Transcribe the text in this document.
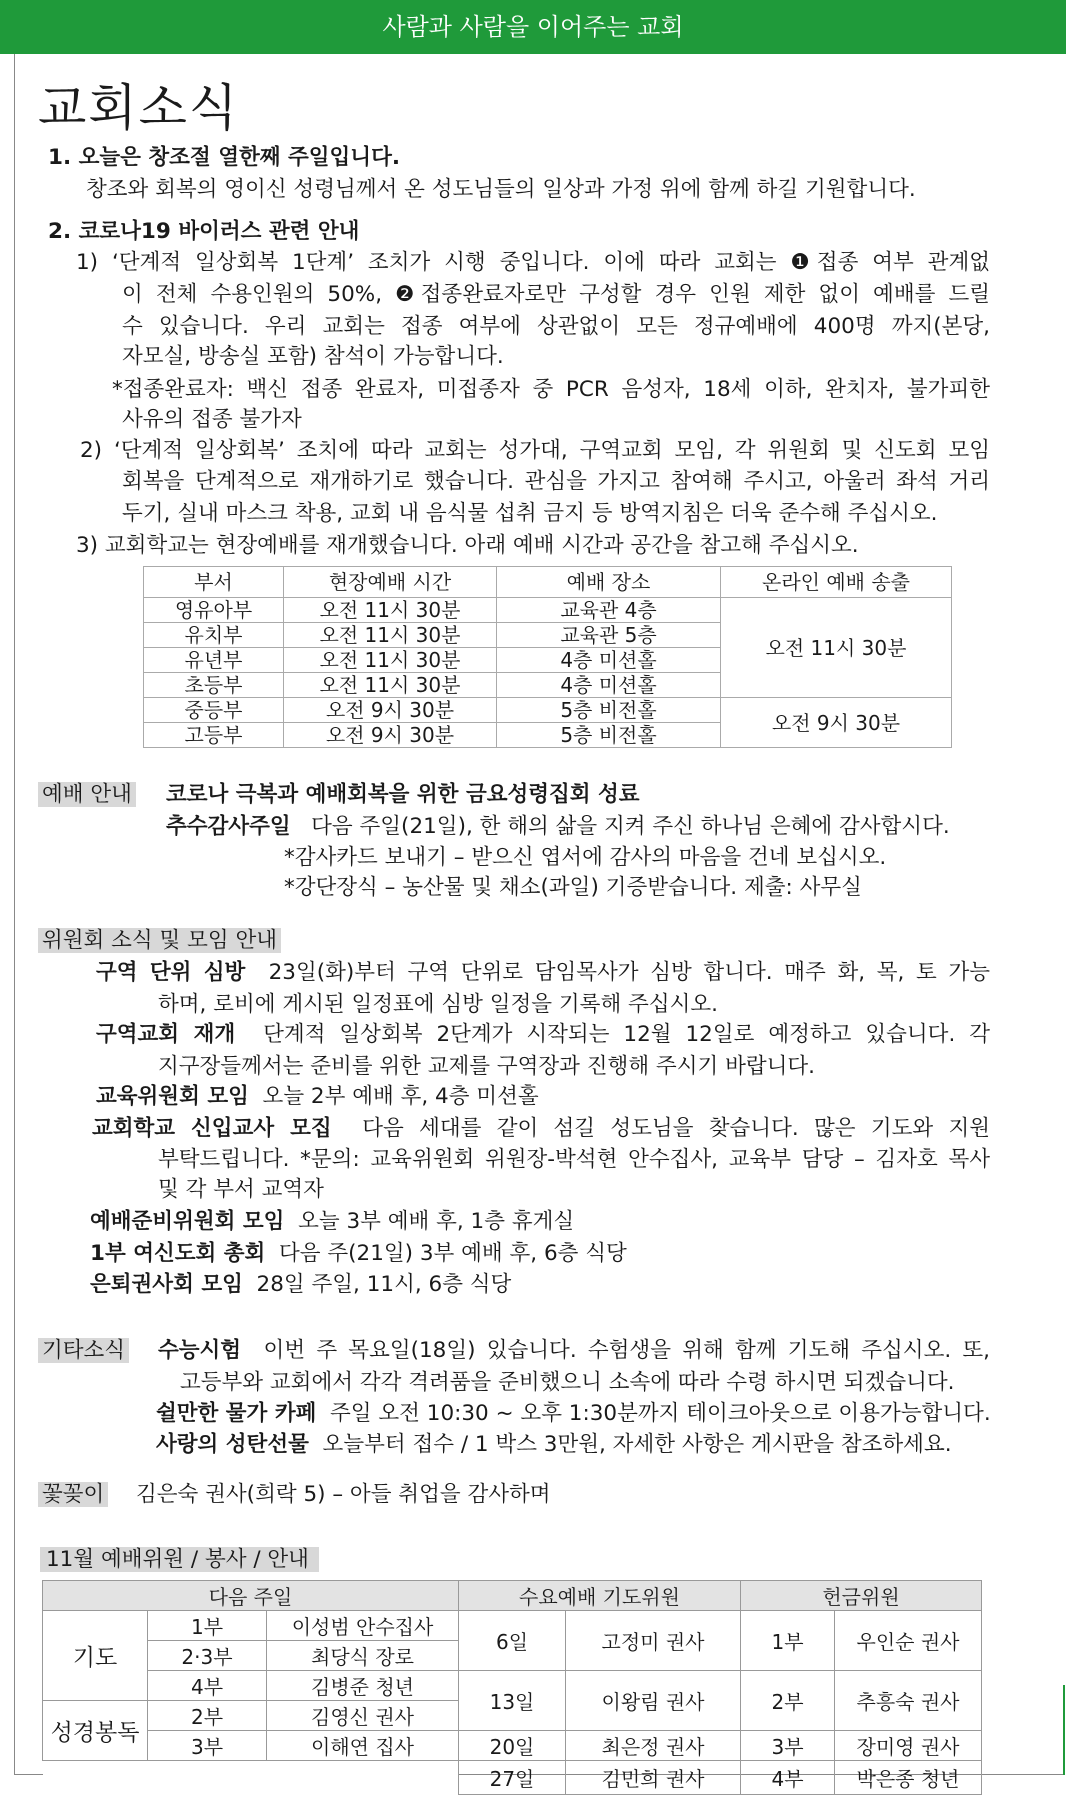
사람과 사람을 이어주는 교회
교회소식
1. 오늘은 창조절 열한째 주일입니다.
창조와 회복의 영이신 성령님께서 온 성도님들의 일상과 가정 위에 함께 하길 기원합니다.
2. 코로나19 바이러스 관련 안내
1) ‘단계적 일상회복 1단계’ 조치가 시행 중입니다. 이에 따라 교회는 ❶접종 여부 관계없
이 전체 수용인원의 50%, ❷접종완료자로만 구성할 경우 인원 제한 없이 예배를 드릴
수 있습니다. 우리 교회는 접종 여부에 상관없이 모든 정규예배에 400명 까지(본당,
자모실, 방송실 포함) 참석이 가능합니다.
*접종완료자: 백신 접종 완료자, 미접종자 중 PCR 음성자, 18세 이하, 완치자, 불가피한
사유의 접종 불가자
2) ‘단계적 일상회복’ 조치에 따라 교회는 성가대, 구역교회 모임, 각 위원회 및 신도회 모임
회복을 단계적으로 재개하기로 했습니다. 관심을 가지고 참여해 주시고, 아울러 좌석 거리
두기, 실내 마스크 착용, 교회 내 음식물 섭취 금지 등 방역지침은 더욱 준수해 주십시오.
3) 교회학교는 현장예배를 재개했습니다. 아래 예배 시간과 공간을 참고해 주십시오.
부서	현장예배 시간	예배 장소	온라인 예배 송출
영유아부	오전 11시 30분	교육관 4층	오전 11시 30분
유치부	오전 11시 30분	교육관 5층	
유년부	오전 11시 30분	4층 미션홀	
초등부	오전 11시 30분	4층 미션홀	
중등부	오전 9시 30분	5층 비전홀	오전 9시 30분
고등부	오전 9시 30분	5층 비전홀	
예배 안내 코로나 극복과 예배회복을 위한 금요성령집회 성료
추수감사주일 다음 주일(21일), 한 해의 삶을 지켜 주신 하나님 은혜에 감사합시다.
*감사카드 보내기 – 받으신 엽서에 감사의 마음을 건네 보십시오.
*강단장식 – 농산물 및 채소(과일) 기증받습니다. 제출: 사무실
위원회 소식 및 모임 안내
구역 단위 심방 23일(화)부터 구역 단위로 담임목사가 심방 합니다. 매주 화, 목, 토 가능
하며, 로비에 게시된 일정표에 심방 일정을 기록해 주십시오.
구역교회 재개 단계적 일상회복 2단계가 시작되는 12월 12일로 예정하고 있습니다. 각
지구장들께서는 준비를 위한 교제를 구역장과 진행해 주시기 바랍니다.
교육위원회 모임 오늘 2부 예배 후, 4층 미션홀
교회학교 신입교사 모집 다음 세대를 같이 섬길 성도님을 찾습니다. 많은 기도와 지원
부탁드립니다. *문의: 교육위원회 위원장-박석현 안수집사, 교육부 담당 – 김자호 목사
및 각 부서 교역자
예배준비위원회 모임 오늘 3부 예배 후, 1층 휴게실
1부 여신도회 총회 다음 주(21일) 3부 예배 후, 6층 식당
은퇴권사회 모임 28일 주일, 11시, 6층 식당
기타소식 수능시험 이번 주 목요일(18일) 있습니다. 수험생을 위해 함께 기도해 주십시오. 또,
고등부와 교회에서 각각 격려품을 준비했으니 소속에 따라 수령 하시면 되겠습니다.
쉴만한 물가 카페 주일 오전 10:30 ~ 오후 1:30분까지 테이크아웃으로 이용가능합니다.
사랑의 성탄선물 오늘부터 접수 / 1 박스 3만원, 자세한 사항은 게시판을 참조하세요.
꽃꽂이 김은숙 권사(희락 5) – 아들 취업을 감사하며
11월 예배위원 / 봉사 / 안내
다음 주일			수요예배 기도위원		헌금위원	
기도	1부	이성범 안수집사	6일	고정미 권사	1부	우인순 권사
	2·3부	최당식 장로				
	4부	김병준 청년	13일	이왕림 권사	2부	추흥숙 권사
성경봉독	2부	김영신 권사				
	3부	이해연 집사	20일	최은정 권사	3부	장미영 권사
			27일	김민희 권사	4부	박은종 청년
